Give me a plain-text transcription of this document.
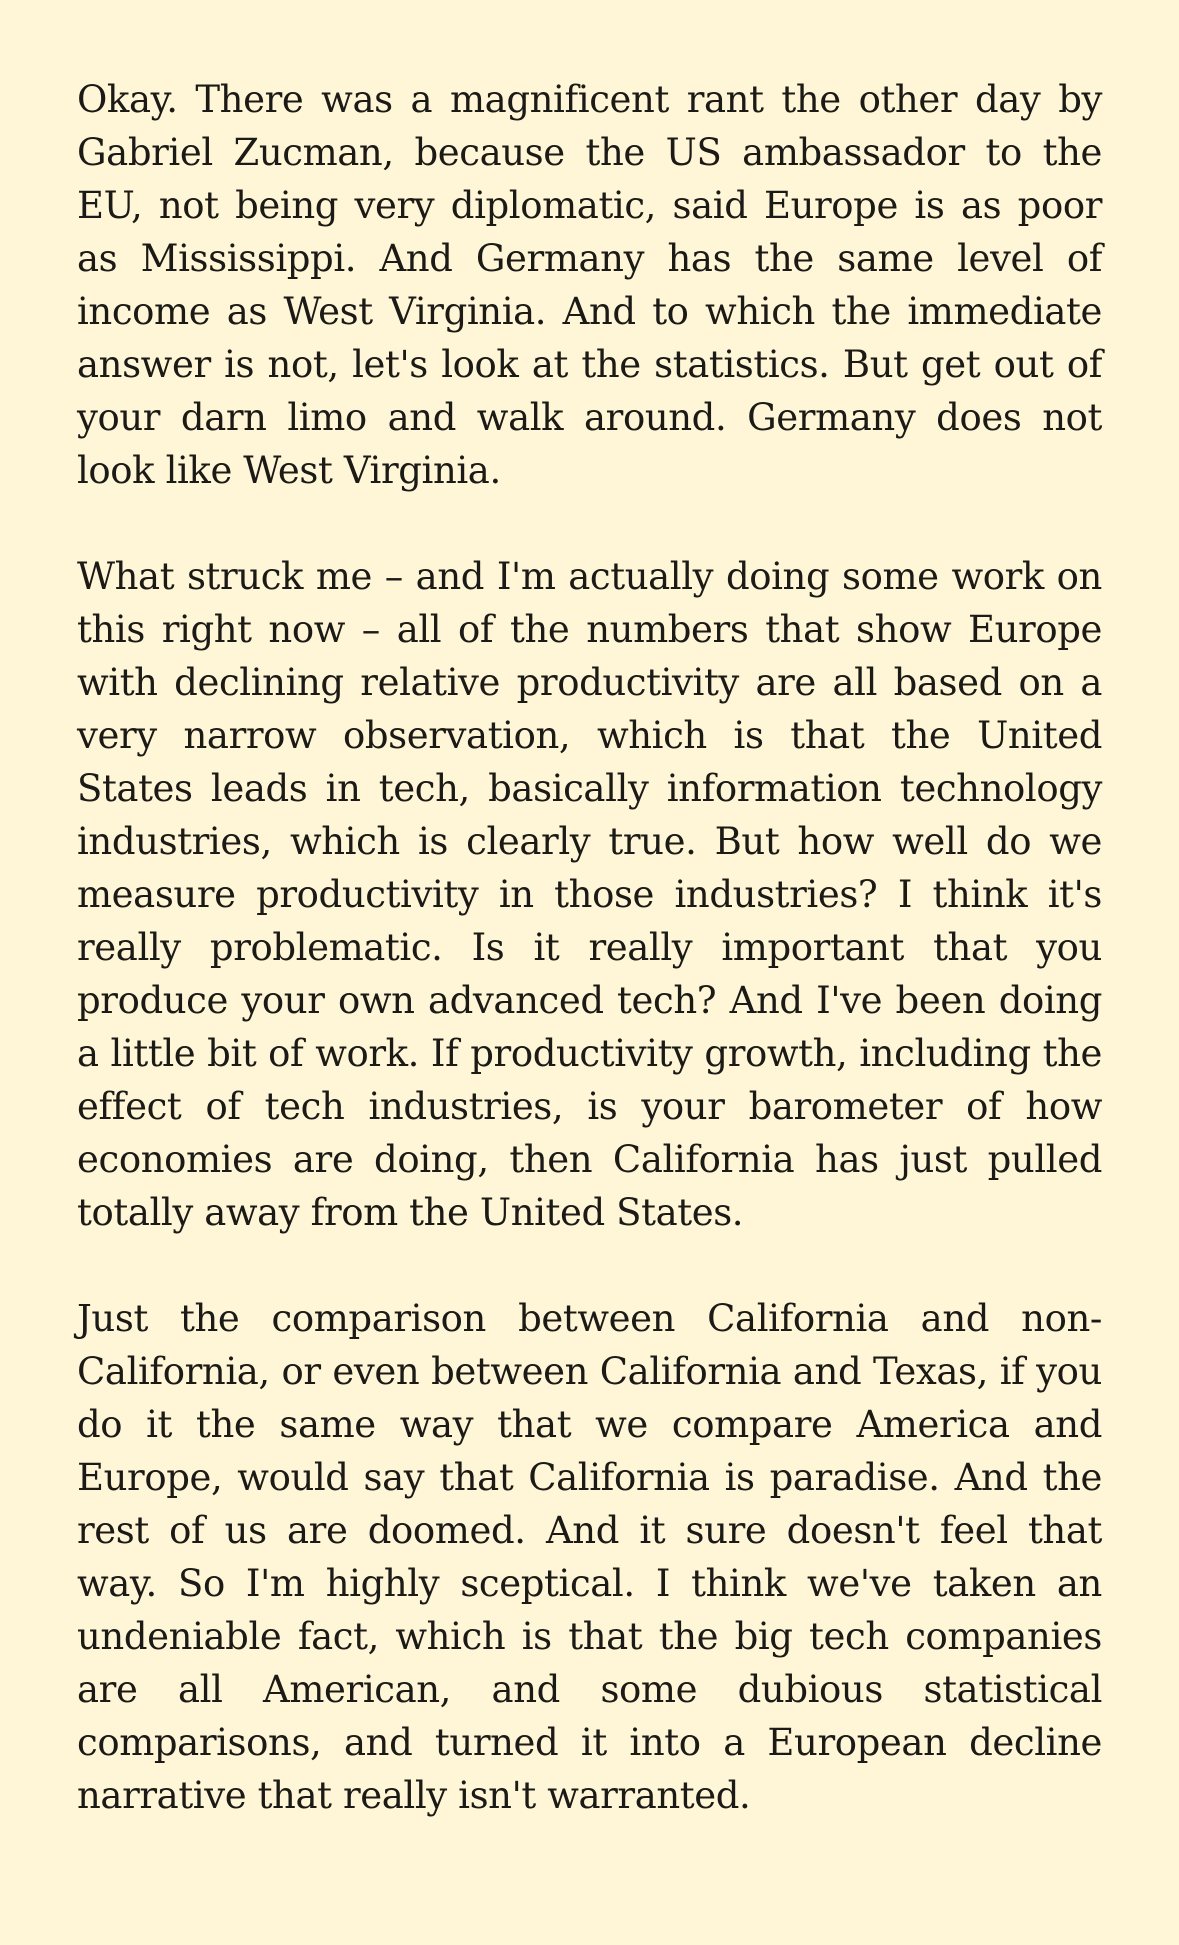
Okay. There was a magnificent rant the other day by Gabriel Zucman, because the US ambassador to the EU, not being very diplomatic, said Europe is as poor as Mississippi. And Germany has the same level of income as West Virginia. And to which the immediate answer is not, let's look at the statistics. But get out of your darn limo and walk around. Germany does not look like West Virginia.

What struck me – and I'm actually doing some work on this right now – all of the numbers that show Europe with declining relative productivity are all based on a very narrow observation, which is that the United States leads in tech, basically information technology industries, which is clearly true. But how well do we measure productivity in those industries? I think it's really problematic. Is it really important that you produce your own advanced tech? And I've been doing a little bit of work. If productivity growth, including the effect of tech industries, is your barometer of how economies are doing, then California has just pulled totally away from the United States.

Just the comparison between California and non-California, or even between California and Texas, if you do it the same way that we compare America and Europe, would say that California is paradise. And the rest of us are doomed. And it sure doesn't feel that way. So I'm highly sceptical. I think we've taken an undeniable fact, which is that the big tech companies are all American, and some dubious statistical comparisons, and turned it into a European decline narrative that really isn't warranted.
